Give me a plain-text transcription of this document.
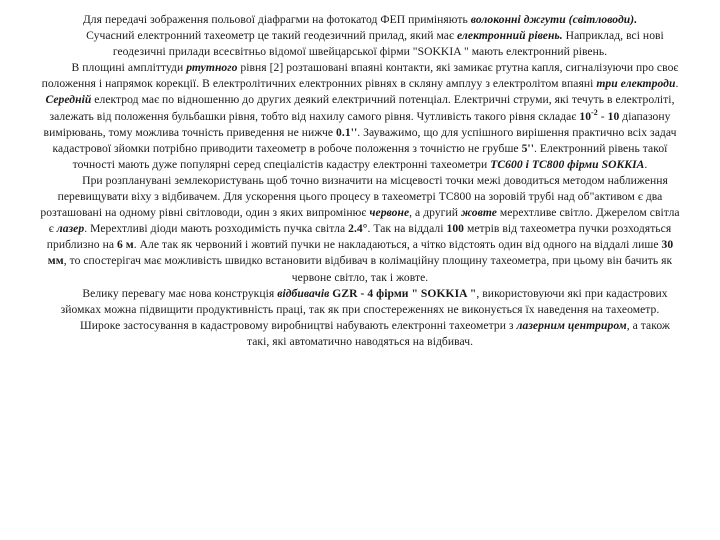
Для передачі зображення польової діафрагми на фотокатод ФЕП приміняють волоконні джгути (світловоди).

Сучасний електронний тахеометр це такий геодезичний прилад, який має електронний рівень. Наприклад, всі нові геодезичні прилади всесвітньо відомої швейцарської фірми "SOKKIA " мають електронний рівень.

В площині ампліттуди ртутного рівня [2] розташовані впаяні контакти, які замикає ртутна капля, сигналізуючи про своє положення і напрямок корекції. В електролітичних електронних рівнях в скляну амплуу з електролітом впаяні три електроди. Середній електрод має по відношенню до других деякий електричний потенціал. Електричні струми, які течуть в електроліті, залежать від положення бульбашки рівня, тобто від нахилу самого рівня. Чутливість такого рівня складає $10^{-2} - 10$ діапазону вимірювань, тому можлива точність приведення не нижче 0.1''. Зауважимо, що для успішного вирішення практично всіх задач кадастрової зйомки потрібно приводити тахеометр в робоче положення з точністю не грубше 5''. Електронний рівень такої точності мають дуже популярні серед спеціалістів кадастру електронні тахеометри ТС600 і ТС800 фірми SOKKIA.

При розпланувані землекористувань щоб точно визначити на місцевості точки межі доводиться методом наближення перевищувати віху з відбивачем. Для ускорення цього процесу в тахеометрі ТС800 на зоровій трубі над об"активом є два розташовані на одному рівні світловоди, один з яких випромінює червоне, а другий жовте мерехтливе світло. Джерелом світла є лазер. Мерехтливі діоди мають розходимість пучка світла 2.4°. Так на віддалі 100 метрів від тахеометра пучки розходяться приблизно на 6 м. Але так як червоний і жовтий пучки не накладаються, а чітко відстоять один від одного на віддалі лише 30 мм, то спостерігач має можливість швидко встановити відбивач в колімаційну площину тахеометра, при цьому він бачить як червоне світло, так і жовте.

Велику перевагу має нова конструкція відбивачів GZR - 4 фірми " SOKKIA ", використовуючи які при кадастрових зйомках можна підвищити продуктивність праці, так як при спостереженнях не виконується їх наведення на тахеометр.

Широке застосування в кадастровому виробництві набувають електронні тахеометри з лазерним центриром, а також такі, які автоматично наводяться на відбивач.
